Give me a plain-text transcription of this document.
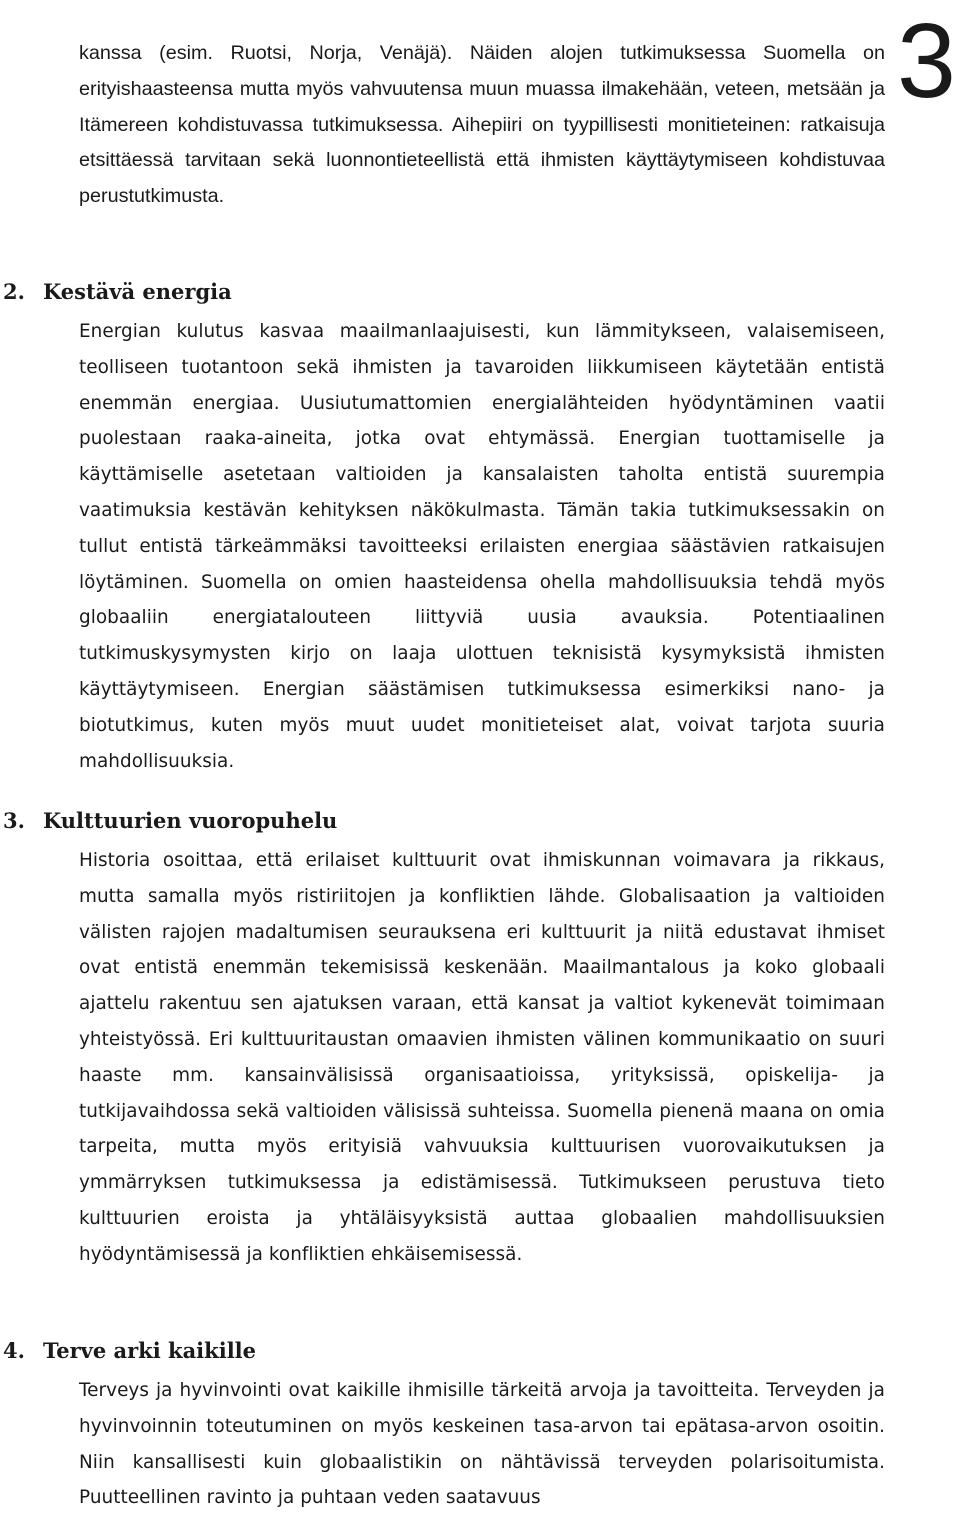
3

kanssa (esim. Ruotsi, Norja, Venäjä). Näiden alojen tutkimuksessa Suomella on erityishaasteensa mutta myös vahvuutensa muun muassa ilmakehään, veteen, metsään ja Itämereen kohdistuvassa tutkimuksessa. Aihepiiri on tyypillisesti monitieteinen: ratkaisuja etsittäessä tarvitaan sekä luonnontieteellistä että ihmisten käyttäytymiseen kohdistuvaa perustutkimusta.

2. Kestävä energia

Energian kulutus kasvaa maailmanlaajuisesti, kun lämmitykseen, valaisemiseen, teolliseen tuotantoon sekä ihmisten ja tavaroiden liikkumiseen käytetään entistä enemmän energiaa. Uusiutumattomien energialähteiden hyödyntäminen vaatii puolestaan raaka-aineita, jotka ovat ehtymässä. Energian tuottamiselle ja käyttämiselle asetetaan valtioiden ja kansalaisten taholta entistä suurempia vaatimuksia kestävän kehityksen näkökulmasta. Tämän takia tutkimuksessakin on tullut entistä tärkeämmäksi tavoitteeksi erilaisten energiaa säästävien ratkaisujen löytäminen. Suomella on omien haasteidensa ohella mahdollisuuksia tehdä myös globaaliin energiatalouteen liittyviä uusia avauksia. Potentiaalinen tutkimuskysymysten kirjo on laaja ulottuen teknisistä kysymyksistä ihmisten käyttäytymiseen. Energian säästämisen tutkimuksessa esimerkiksi nano- ja biotutkimus, kuten myös muut uudet monitieteiset alat, voivat tarjota suuria mahdollisuuksia.

3. Kulttuurien vuoropuhelu

Historia osoittaa, että erilaiset kulttuurit ovat ihmiskunnan voimavara ja rikkaus, mutta samalla myös ristiriitojen ja konfliktien lähde. Globalisaation ja valtioiden välisten rajojen madaltumisen seurauksena eri kulttuurit ja niitä edustavat ihmiset ovat entistä enemmän tekemisissä keskenään. Maailmantalous ja koko globaali ajattelu rakentuu sen ajatuksen varaan, että kansat ja valtiot kykenevät toimimaan yhteistyössä. Eri kulttuuritaustan omaavien ihmisten välinen kommunikaatio on suuri haaste mm. kansainvälisissä organisaatioissa, yrityksissä, opiskelija- ja tutkijavaihdossa sekä valtioiden välisissä suhteissa. Suomella pienenä maana on omia tarpeita, mutta myös erityisiä vahvuuksia kulttuurisen vuorovaikutuksen ja ymmärryksen tutkimuksessa ja edistämisessä. Tutkimukseen perustuva tieto kulttuurien eroista ja yhtäläisyyksistä auttaa globaalien mahdollisuuksien hyödyntämisessä ja konfliktien ehkäisemisessä.

4. Terve arki kaikille

Terveys ja hyvinvointi ovat kaikille ihmisille tärkeitä arvoja ja tavoitteita. Terveyden ja hyvinvoinnin toteutuminen on myös keskeinen tasa-arvon tai epätasa-arvon osoitin. Niin kansallisesti kuin globaalistikin on nähtävissä terveyden polarisoitumista. Puutteellinen ravinto ja puhtaan veden saatavuus
